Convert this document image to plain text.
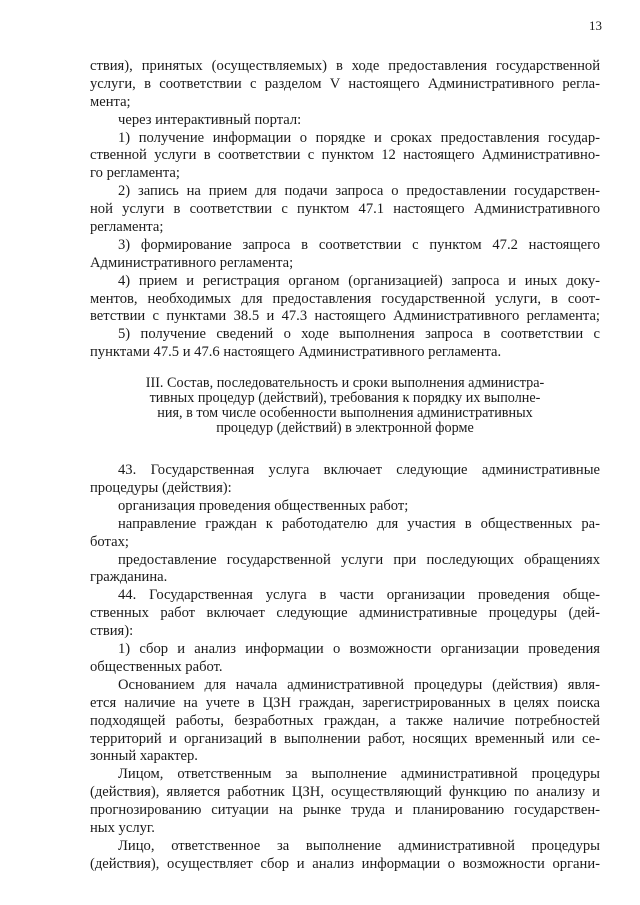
13
ствия), принятых (осуществляемых) в ходе предоставления государственной
услуги, в соответствии с разделом V настоящего Административного регла-
мента;
через интерактивный портал:
1) получение информации о порядке и сроках предоставления государ-
ственной услуги в соответствии с пунктом 12 настоящего Административно-
го регламента;
2) запись на прием для подачи запроса о предоставлении государствен-
ной услуги в соответствии с пунктом 47.1 настоящего Административного
регламента;
3) формирование запроса в соответствии с пунктом 47.2 настоящего
Административного регламента;
4) прием и регистрация органом (организацией) запроса и иных доку-
ментов, необходимых для предоставления государственной услуги, в соот-
ветствии с пунктами 38.5 и 47.3 настоящего Административного регламента;
5) получение сведений о ходе выполнения запроса в соответствии с
пунктами 47.5 и 47.6 настоящего Административного регламента.
III. Состав, последовательность и сроки выполнения администра-
тивных процедур (действий), требования к порядку их выполне-
ния, в том числе особенности выполнения административных
процедур (действий) в электронной форме
43. Государственная услуга включает следующие административные
процедуры (действия):
организация проведения общественных работ;
направление граждан к работодателю для участия в общественных ра-
ботах;
предоставление государственной услуги при последующих обращениях
гражданина.
44. Государственная услуга в части организации проведения обще-
ственных работ включает следующие административные процедуры (дей-
ствия):
1) сбор и анализ информации о возможности организации проведения
общественных работ.
Основанием для начала административной процедуры (действия) явля-
ется наличие на учете в ЦЗН граждан, зарегистрированных в целях поиска
подходящей работы, безработных граждан, а также наличие потребностей
территорий и организаций в выполнении работ, носящих временный или се-
зонный характер.
Лицом, ответственным за выполнение административной процедуры
(действия), является работник ЦЗН, осуществляющий функцию по анализу и
прогнозированию ситуации на рынке труда и планированию государствен-
ных услуг.
Лицо, ответственное за выполнение административной процедуры
(действия), осуществляет сбор и анализ информации о возможности органи-
